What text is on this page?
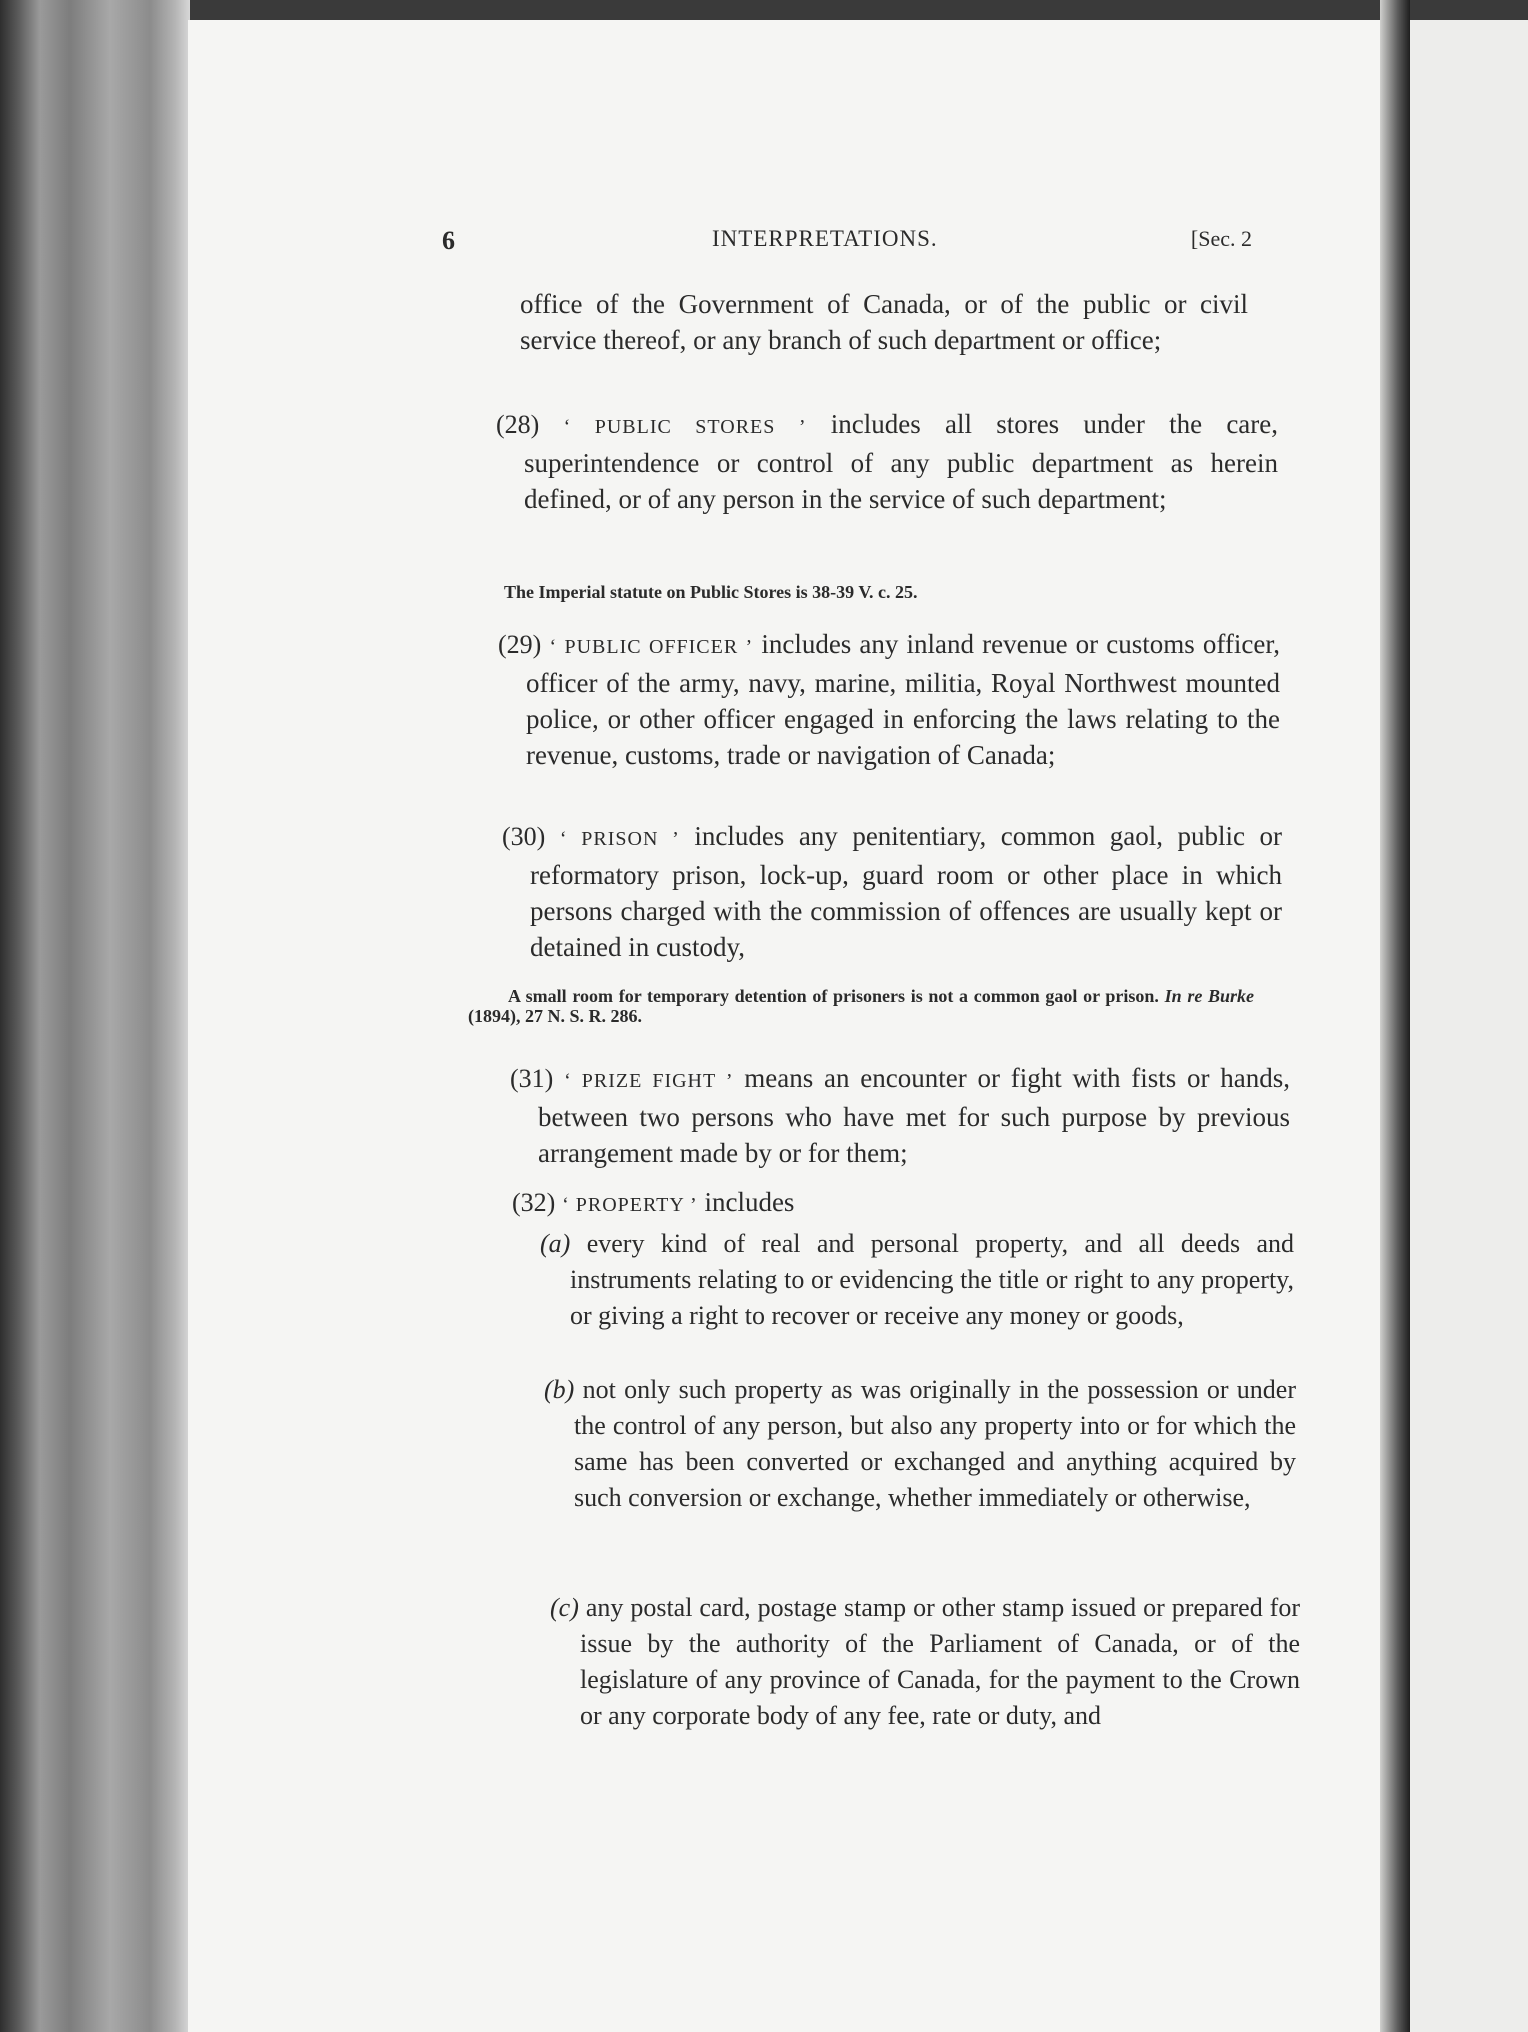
6	INTERPRETATIONS.	[Sec. 2
office of the Government of Canada, or of the public or civil service thereof, or any branch of such department or office;
(28) ‘ PUBLIC STORES ’ includes all stores under the care, superintendence or control of any public department as herein defined, or of any person in the service of such department;
The Imperial statute on Public Stores is 38-39 V. c. 25.
(29) ‘ PUBLIC OFFICER ’ includes any inland revenue or customs officer, officer of the army, navy, marine, militia, Royal Northwest mounted police, or other officer engaged in enforcing the laws relating to the revenue, customs, trade or navigation of Canada;
(30) ‘ PRISON ’ includes any penitentiary, common gaol, public or reformatory prison, lock-up, guard room or other place in which persons charged with the commission of offences are usually kept or detained in custody,
A small room for temporary detention of prisoners is not a common gaol or prison. In re Burke (1894), 27 N. S. R. 286.
(31) ‘ PRIZE FIGHT ’ means an encounter or fight with fists or hands, between two persons who have met for such purpose by previous arrangement made by or for them;
(32) ‘ PROPERTY ’ includes
(a) every kind of real and personal property, and all deeds and instruments relating to or evidencing the title or right to any property, or giving a right to recover or receive any money or goods,
(b) not only such property as was originally in the possession or under the control of any person, but also any property into or for which the same has been converted or exchanged and anything acquired by such conversion or exchange, whether immediately or otherwise,
(c) any postal card, postage stamp or other stamp issued or prepared for issue by the authority of the Parliament of Canada, or of the legislature of any province of Canada, for the payment to the Crown or any corporate body of any fee, rate or duty, and
